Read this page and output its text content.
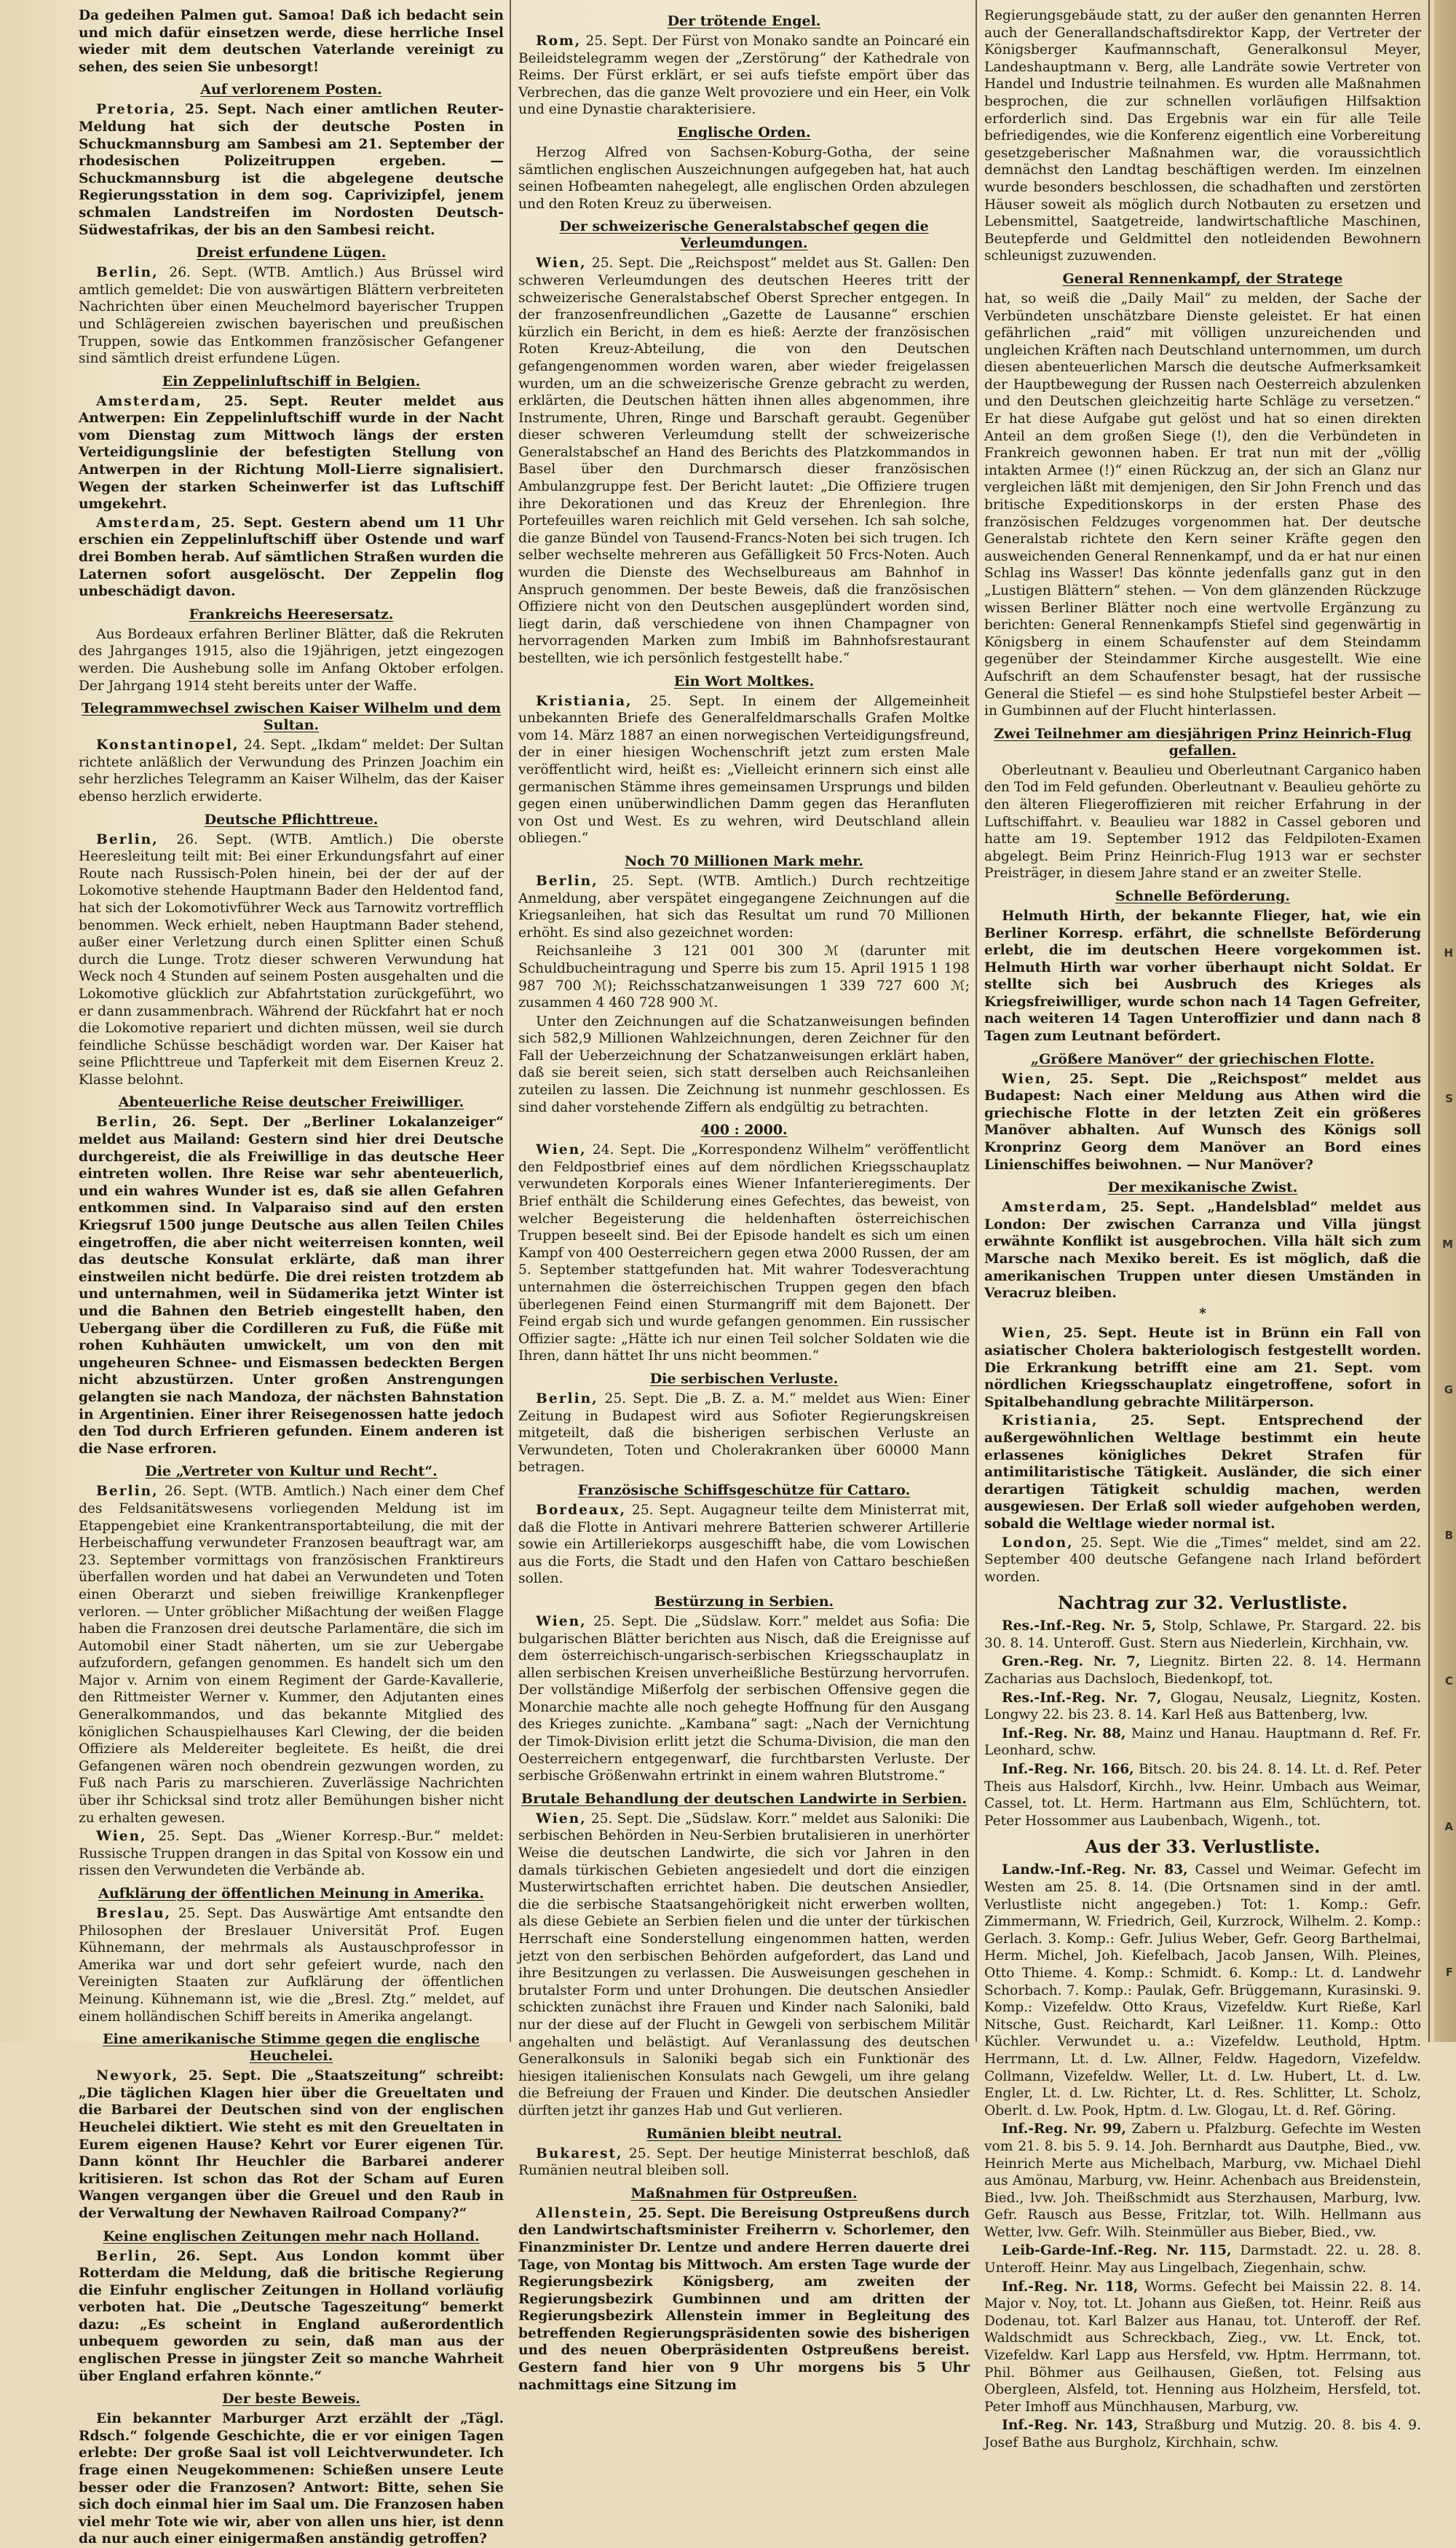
Da gedeihen Palmen gut. Samoa! Daß ich bedacht sein und mich dafür einsetzen werde, diese herrliche Insel wieder mit dem deutschen Vaterlande vereinigt zu sehen, des seien Sie unbesorgt!

Auf verlorenem Posten.

Pretoria, 25. Sept. Nach einer amtlichen Reuter-Meldung hat sich der deutsche Posten in Schuckmannsburg am Sambesi am 21. September der rhodesischen Polizeitruppen ergeben. — Schuckmannsburg ist die abgelegene deutsche Regierungsstation in dem sog. Caprivizipfel, jenem schmalen Landstreifen im Nordosten Deutsch-Südwestafrikas, der bis an den Sambesi reicht.

Dreist erfundene Lügen.

Berlin, 26. Sept. (WTB. Amtlich.) Aus Brüssel wird amtlich gemeldet: Die von auswärtigen Blättern verbreiteten Nachrichten über einen Meuchelmord bayerischer Truppen und Schlägereien zwischen bayerischen und preußischen Truppen, sowie das Entkommen französischer Gefangener sind sämtlich dreist erfundene Lügen.

Ein Zeppelinluftschiff in Belgien.

Amsterdam, 25. Sept. Reuter meldet aus Antwerpen: Ein Zeppelinluftschiff wurde in der Nacht vom Dienstag zum Mittwoch längs der ersten Verteidigungslinie der befestigten Stellung von Antwerpen in der Richtung Moll-Lierre signalisiert. Wegen der starken Scheinwerfer ist das Luftschiff umgekehrt.

Amsterdam, 25. Sept. Gestern abend um 11 Uhr erschien ein Zeppelinluftschiff über Ostende und warf drei Bomben herab. Auf sämtlichen Straßen wurden die Laternen sofort ausgelöscht. Der Zeppelin flog unbeschädigt davon.

Frankreichs Heeresersatz.

Aus Bordeaux erfahren Berliner Blätter, daß die Rekruten des Jahrganges 1915, also die 19jährigen, jetzt eingezogen werden. Die Aushebung solle im Anfang Oktober erfolgen. Der Jahrgang 1914 steht bereits unter der Waffe.

Telegrammwechsel zwischen Kaiser Wilhelm und dem Sultan.

Konstantinopel, 24. Sept. „Ikdam“ meldet: Der Sultan richtete anläßlich der Verwundung des Prinzen Joachim ein sehr herzliches Telegramm an Kaiser Wilhelm, das der Kaiser ebenso herzlich erwiderte.

Deutsche Pflichttreue.

Berlin, 26. Sept. (WTB. Amtlich.) Die oberste Heeresleitung teilt mit: Bei einer Erkundungsfahrt auf einer Route nach Russisch-Polen hinein, bei der der auf der Lokomotive stehende Hauptmann Bader den Heldentod fand, hat sich der Lokomotivführer Weck aus Tarnowitz vortrefflich benommen. Weck erhielt, neben Hauptmann Bader stehend, außer einer Verletzung durch einen Splitter einen Schuß durch die Lunge. Trotz dieser schweren Verwundung hat Weck noch 4 Stunden auf seinem Posten ausgehalten und die Lokomotive glücklich zur Abfahrtstation zurückgeführt, wo er dann zusammenbrach. Während der Rückfahrt hat er noch die Lokomotive repariert und dichten müssen, weil sie durch feindliche Schüsse beschädigt worden war. Der Kaiser hat seine Pflichttreue und Tapferkeit mit dem Eisernen Kreuz 2. Klasse belohnt.

Abenteuerliche Reise deutscher Freiwilliger.

Berlin, 26. Sept. Der „Berliner Lokalanzeiger“ meldet aus Mailand: Gestern sind hier drei Deutsche durchgereist, die als Freiwillige in das deutsche Heer eintreten wollen. Ihre Reise war sehr abenteuerlich, und ein wahres Wunder ist es, daß sie allen Gefahren entkommen sind. In Valparaiso sind auf den ersten Kriegsruf 1500 junge Deutsche aus allen Teilen Chiles eingetroffen, die aber nicht weiterreisen konnten, weil das deutsche Konsulat erklärte, daß man ihrer einstweilen nicht bedürfe. Die drei reisten trotzdem ab und unternahmen, weil in Südamerika jetzt Winter ist und die Bahnen den Betrieb eingestellt haben, den Uebergang über die Cordilleren zu Fuß, die Füße mit rohen Kuhhäuten umwickelt, um von den mit ungeheuren Schnee- und Eismassen bedeckten Bergen nicht abzustürzen. Unter großen Anstrengungen gelangten sie nach Mandoza, der nächsten Bahnstation in Argentinien. Einer ihrer Reisegenossen hatte jedoch den Tod durch Erfrieren gefunden. Einem anderen ist die Nase erfroren.

Die „Vertreter von Kultur und Recht“.

Berlin, 26. Sept. (WTB. Amtlich.) Nach einer dem Chef des Feldsanitätswesens vorliegenden Meldung ist im Etappengebiet eine Krankentransportabteilung, die mit der Herbeischaffung verwundeter Franzosen beauftragt war, am 23. September vormittags von französischen Franktireurs überfallen worden und hat dabei an Verwundeten und Toten einen Oberarzt und sieben freiwillige Krankenpfleger verloren. — Unter gröblicher Mißachtung der weißen Flagge haben die Franzosen drei deutsche Parlamentäre, die sich im Automobil einer Stadt näherten, um sie zur Uebergabe aufzufordern, gefangen genommen. Es handelt sich um den Major v. Arnim von einem Regiment der Garde-Kavallerie, den Rittmeister Werner v. Kummer, den Adjutanten eines Generalkommandos, und das bekannte Mitglied des königlichen Schauspielhauses Karl Clewing, der die beiden Offiziere als Meldereiter begleitete. Es heißt, die drei Gefangenen wären noch obendrein gezwungen worden, zu Fuß nach Paris zu marschieren. Zuverlässige Nachrichten über ihr Schicksal sind trotz aller Bemühungen bisher nicht zu erhalten gewesen.

Wien, 25. Sept. Das „Wiener Korresp.-Bur.“ meldet: Russische Truppen drangen in das Spital von Kossow ein und rissen den Verwundeten die Verbände ab.

Aufklärung der öffentlichen Meinung in Amerika.

Breslau, 25. Sept. Das Auswärtige Amt entsandte den Philosophen der Breslauer Universität Prof. Eugen Kühnemann, der mehrmals als Austauschprofessor in Amerika war und dort sehr gefeiert wurde, nach den Vereinigten Staaten zur Aufklärung der öffentlichen Meinung. Kühnemann ist, wie die „Bresl. Ztg.“ meldet, auf einem holländischen Schiff bereits in Amerika angelangt.

Eine amerikanische Stimme gegen die englische Heuchelei.

Newyork, 25. Sept. Die „Staatszeitung“ schreibt: „Die täglichen Klagen hier über die Greueltaten und die Barbarei der Deutschen sind von der englischen Heuchelei diktiert. Wie steht es mit den Greueltaten in Eurem eigenen Hause? Kehrt vor Eurer eigenen Tür. Dann könnt Ihr Heuchler die Barbarei anderer kritisieren. Ist schon das Rot der Scham auf Euren Wangen vergangen über die Greuel und den Raub in der Verwaltung der Newhaven Railroad Company?“

Keine englischen Zeitungen mehr nach Holland.

Berlin, 26. Sept. Aus London kommt über Rotterdam die Meldung, daß die britische Regierung die Einfuhr englischer Zeitungen in Holland vorläufig verboten hat. Die „Deutsche Tageszeitung“ bemerkt dazu: „Es scheint in England außerordentlich unbequem geworden zu sein, daß man aus der englischen Presse in jüngster Zeit so manche Wahrheit über England erfahren könnte.“

Der beste Beweis.

Ein bekannter Marburger Arzt erzählt der „Tägl. Rdsch.“ folgende Geschichte, die er vor einigen Tagen erlebte: Der große Saal ist voll Leichtverwundeter. Ich frage einen Neugekommenen: Schießen unsere Leute besser oder die Franzosen? Antwort: Bitte, sehen Sie sich doch einmal hier im Saal um. Die Franzosen haben viel mehr Tote wie wir, aber von allen uns hier, ist denn da nur auch einer einigermaßen anständig getroffen?

Der trötende Engel.

Rom, 25. Sept. Der Fürst von Monako sandte an Poincaré ein Beileidstelegramm wegen der „Zerstörung“ der Kathedrale von Reims. Der Fürst erklärt, er sei aufs tiefste empört über das Verbrechen, das die ganze Welt provoziere und ein Heer, ein Volk und eine Dynastie charakterisiere.

Englische Orden.

Herzog Alfred von Sachsen-Koburg-Gotha, der seine sämtlichen englischen Auszeichnungen aufgegeben hat, hat auch seinen Hofbeamten nahegelegt, alle englischen Orden abzulegen und den Roten Kreuz zu überweisen.

Der schweizerische Generalstabschef gegen die Verleumdungen.

Wien, 25. Sept. Die „Reichspost“ meldet aus St. Gallen: Den schweren Verleumdungen des deutschen Heeres tritt der schweizerische Generalstabschef Oberst Sprecher entgegen. In der franzosenfreundlichen „Gazette de Lausanne“ erschien kürzlich ein Bericht, in dem es hieß: Aerzte der französischen Roten Kreuz-Abteilung, die von den Deutschen gefangengenommen worden waren, aber wieder freigelassen wurden, um an die schweizerische Grenze gebracht zu werden, erklärten, die Deutschen hätten ihnen alles abgenommen, ihre Instrumente, Uhren, Ringe und Barschaft geraubt. Gegenüber dieser schweren Verleumdung stellt der schweizerische Generalstabschef an Hand des Berichts des Platzkommandos in Basel über den Durchmarsch dieser französischen Ambulanzgruppe fest. Der Bericht lautet: „Die Offiziere trugen ihre Dekorationen und das Kreuz der Ehrenlegion. Ihre Portefeuilles waren reichlich mit Geld versehen. Ich sah solche, die ganze Bündel von Tausend-Francs-Noten bei sich trugen. Ich selber wechselte mehreren aus Gefälligkeit 50 Frcs-Noten. Auch wurden die Dienste des Wechselbureaus am Bahnhof in Anspruch genommen. Der beste Beweis, daß die französischen Offiziere nicht von den Deutschen ausgeplündert worden sind, liegt darin, daß verschiedene von ihnen Champagner von hervorragenden Marken zum Imbiß im Bahnhofsrestaurant bestellten, wie ich persönlich festgestellt habe.“

Ein Wort Moltkes.

Kristiania, 25. Sept. In einem der Allgemeinheit unbekannten Briefe des Generalfeldmarschalls Grafen Moltke vom 14. März 1887 an einen norwegischen Verteidigungsfreund, der in einer hiesigen Wochenschrift jetzt zum ersten Male veröffentlicht wird, heißt es: „Vielleicht erinnern sich einst alle germanischen Stämme ihres gemeinsamen Ursprungs und bilden gegen einen unüberwindlichen Damm gegen das Heranfluten von Ost und West. Es zu wehren, wird Deutschland allein obliegen.“

Noch 70 Millionen Mark mehr.

Berlin, 25. Sept. (WTB. Amtlich.) Durch rechtzeitige Anmeldung, aber verspätet eingegangene Zeichnungen auf die Kriegsanleihen, hat sich das Resultat um rund 70 Millionen erhöht. Es sind also gezeichnet worden:

Reichsanleihe 3 121 001 300 ℳ (darunter mit Schuldbucheintragung und Sperre bis zum 15. April 1915 1 198 987 700 ℳ); Reichsschatzanweisungen 1 339 727 600 ℳ; zusammen 4 460 728 900 ℳ.

Unter den Zeichnungen auf die Schatzanweisungen befinden sich 582,9 Millionen Wahlzeichnungen, deren Zeichner für den Fall der Ueberzeichnung der Schatzanweisungen erklärt haben, daß sie bereit seien, sich statt derselben auch Reichsanleihen zuteilen zu lassen. Die Zeichnung ist nunmehr geschlossen. Es sind daher vorstehende Ziffern als endgültig zu betrachten.

400 : 2000.

Wien, 24. Sept. Die „Korrespondenz Wilhelm“ veröffentlicht den Feldpostbrief eines auf dem nördlichen Kriegsschauplatz verwundeten Korporals eines Wiener Infanterieregiments. Der Brief enthält die Schilderung eines Gefechtes, das beweist, von welcher Begeisterung die heldenhaften österreichischen Truppen beseelt sind. Bei der Episode handelt es sich um einen Kampf von 400 Oesterreichern gegen etwa 2000 Russen, der am 5. September stattgefunden hat. Mit wahrer Todesverachtung unternahmen die österreichischen Truppen gegen den bfach überlegenen Feind einen Sturmangriff mit dem Bajonett. Der Feind ergab sich und wurde gefangen genommen. Ein russischer Offizier sagte: „Hätte ich nur einen Teil solcher Soldaten wie die Ihren, dann hättet Ihr uns nicht beommen.“

Die serbischen Verluste.

Berlin, 25. Sept. Die „B. Z. a. M.“ meldet aus Wien: Einer Zeitung in Budapest wird aus Sofioter Regierungskreisen mitgeteilt, daß die bisherigen serbischen Verluste an Verwundeten, Toten und Cholerakranken über 60000 Mann betragen.

Französische Schiffsgeschütze für Cattaro.

Bordeaux, 25. Sept. Augagneur teilte dem Ministerrat mit, daß die Flotte in Antivari mehrere Batterien schwerer Artillerie sowie ein Artilleriekorps ausgeschifft habe, die vom Lowischen aus die Forts, die Stadt und den Hafen von Cattaro beschießen sollen.

Bestürzung in Serbien.

Wien, 25. Sept. Die „Südslaw. Korr.“ meldet aus Sofia: Die bulgarischen Blätter berichten aus Nisch, daß die Ereignisse auf dem österreichisch-ungarisch-serbischen Kriegsschauplatz in allen serbischen Kreisen unverheißliche Bestürzung hervorrufen. Der vollständige Mißerfolg der serbischen Offensive gegen die Monarchie machte alle noch gehegte Hoffnung für den Ausgang des Krieges zunichte. „Kambana“ sagt: „Nach der Vernichtung der Timok-Division erlitt jetzt die Schuma-Division, die man den Oesterreichern entgegenwarf, die furchtbarsten Verluste. Der serbische Größenwahn ertrinkt in einem wahren Blutstrome.“

Brutale Behandlung der deutschen Landwirte in Serbien.

Wien, 25. Sept. Die „Südslaw. Korr.“ meldet aus Saloniki: Die serbischen Behörden in Neu-Serbien brutalisieren in unerhörter Weise die deutschen Landwirte, die sich vor Jahren in den damals türkischen Gebieten angesiedelt und dort die einzigen Musterwirtschaften errichtet haben. Die deutschen Ansiedler, die die serbische Staatsangehörigkeit nicht erwerben wollten, als diese Gebiete an Serbien fielen und die unter der türkischen Herrschaft eine Sonderstellung eingenommen hatten, werden jetzt von den serbischen Behörden aufgefordert, das Land und ihre Besitzungen zu verlassen. Die Ausweisungen geschehen in brutalster Form und unter Drohungen. Die deutschen Ansiedler schickten zunächst ihre Frauen und Kinder nach Saloniki, bald nur der diese auf der Flucht in Gewgeli von serbischem Militär angehalten und belästigt. Auf Veranlassung des deutschen Generalkonsuls in Saloniki begab sich ein Funktionär des hiesigen italienischen Konsulats nach Gewgeli, um ihre gelang die Befreiung der Frauen und Kinder. Die deutschen Ansiedler dürften jetzt ihr ganzes Hab und Gut verlieren.

Rumänien bleibt neutral.

Bukarest, 25. Sept. Der heutige Ministerrat beschloß, daß Rumänien neutral bleiben soll.

Maßnahmen für Ostpreußen.

Allenstein, 25. Sept. Die Bereisung Ostpreußens durch den Landwirtschaftsminister Freiherrn v. Schorlemer, den Finanzminister Dr. Lentze und andere Herren dauerte drei Tage, von Montag bis Mittwoch. Am ersten Tage wurde der Regierungsbezirk Königsberg, am zweiten der Regierungsbezirk Gumbinnen und am dritten der Regierungsbezirk Allenstein immer in Begleitung des betreffenden Regierungspräsidenten sowie des bisherigen und des neuen Oberpräsidenten Ostpreußens bereist. Gestern fand hier von 9 Uhr morgens bis 5 Uhr nachmittags eine Sitzung im

Regierungsgebäude statt, zu der außer den genannten Herren auch der Generallandschaftsdirektor Kapp, der Vertreter der Königsberger Kaufmannschaft, Generalkonsul Meyer, Landeshauptmann v. Berg, alle Landräte sowie Vertreter von Handel und Industrie teilnahmen. Es wurden alle Maßnahmen besprochen, die zur schnellen vorläufigen Hilfsaktion erforderlich sind. Das Ergebnis war ein für alle Teile befriedigendes, wie die Konferenz eigentlich eine Vorbereitung gesetzgeberischer Maßnahmen war, die voraussichtlich demnächst den Landtag beschäftigen werden. Im einzelnen wurde besonders beschlossen, die schadhaften und zerstörten Häuser soweit als möglich durch Notbauten zu ersetzen und Lebensmittel, Saatgetreide, landwirtschaftliche Maschinen, Beutepferde und Geldmittel den notleidenden Bewohnern schleunigst zuzuwenden.

General Rennenkampf, der Stratege

hat, so weiß die „Daily Mail“ zu melden, der Sache der Verbündeten unschätzbare Dienste geleistet. Er hat einen gefährlichen „raid“ mit völligen unzureichenden und ungleichen Kräften nach Deutschland unternommen, um durch diesen abenteuerlichen Marsch die deutsche Aufmerksamkeit der Hauptbewegung der Russen nach Oesterreich abzulenken und den Deutschen gleichzeitig harte Schläge zu versetzen.“ Er hat diese Aufgabe gut gelöst und hat so einen direkten Anteil an dem großen Siege (!), den die Verbündeten in Frankreich gewonnen haben. Er trat nun mit der „völlig intakten Armee (!)“ einen Rückzug an, der sich an Glanz nur vergleichen läßt mit demjenigen, den Sir John French und das britische Expeditionskorps in der ersten Phase des französischen Feldzuges vorgenommen hat. Der deutsche Generalstab richtete den Kern seiner Kräfte gegen den ausweichenden General Rennenkampf, und da er hat nur einen Schlag ins Wasser! Das könnte jedenfalls ganz gut in den „Lustigen Blättern“ stehen. — Von dem glänzenden Rückzuge wissen Berliner Blätter noch eine wertvolle Ergänzung zu berichten: General Rennenkampfs Stiefel sind gegenwärtig in Königsberg in einem Schaufenster auf dem Steindamm gegenüber der Steindammer Kirche ausgestellt. Wie eine Aufschrift an dem Schaufenster besagt, hat der russische General die Stiefel — es sind hohe Stulpstiefel bester Arbeit — in Gumbinnen auf der Flucht hinterlassen.

Zwei Teilnehmer am diesjährigen Prinz Heinrich-Flug gefallen.

Oberleutnant v. Beaulieu und Oberleutnant Carganico haben den Tod im Feld gefunden. Oberleutnant v. Beaulieu gehörte zu den älteren Fliegeroffizieren mit reicher Erfahrung in der Luftschiffahrt. v. Beaulieu war 1882 in Cassel geboren und hatte am 19. September 1912 das Feldpiloten-Examen abgelegt. Beim Prinz Heinrich-Flug 1913 war er sechster Preisträger, in diesem Jahre stand er an zweiter Stelle.

Schnelle Beförderung.

Helmuth Hirth, der bekannte Flieger, hat, wie ein Berliner Korresp. erfährt, die schnellste Beförderung erlebt, die im deutschen Heere vorgekommen ist. Helmuth Hirth war vorher überhaupt nicht Soldat. Er stellte sich bei Ausbruch des Krieges als Kriegsfreiwilliger, wurde schon nach 14 Tagen Gefreiter, nach weiteren 14 Tagen Unteroffizier und dann nach 8 Tagen zum Leutnant befördert.

„Größere Manöver“ der griechischen Flotte.

Wien, 25. Sept. Die „Reichspost“ meldet aus Budapest: Nach einer Meldung aus Athen wird die griechische Flotte in der letzten Zeit ein größeres Manöver abhalten. Auf Wunsch des Königs soll Kronprinz Georg dem Manöver an Bord eines Linienschiffes beiwohnen. — Nur Manöver?

Der mexikanische Zwist.

Amsterdam, 25. Sept. „Handelsblad“ meldet aus London: Der zwischen Carranza und Villa jüngst erwähnte Konflikt ist ausgebrochen. Villa hält sich zum Marsche nach Mexiko bereit. Es ist möglich, daß die amerikanischen Truppen unter diesen Umständen in Veracruz bleiben.

*

Wien, 25. Sept. Heute ist in Brünn ein Fall von asiatischer Cholera bakteriologisch festgestellt worden. Die Erkrankung betrifft eine am 21. Sept. vom nördlichen Kriegsschauplatz eingetroffene, sofort in Spitalbehandlung gebrachte Militärperson.

Kristiania, 25. Sept. Entsprechend der außergewöhnlichen Weltlage bestimmt ein heute erlassenes königliches Dekret Strafen für antimilitaristische Tätigkeit. Ausländer, die sich einer derartigen Tätigkeit schuldig machen, werden ausgewiesen. Der Erlaß soll wieder aufgehoben werden, sobald die Weltlage wieder normal ist.

London, 25. Sept. Wie die „Times“ meldet, sind am 22. September 400 deutsche Gefangene nach Irland befördert worden.

Nachtrag zur 32. Verlustliste.

Res.-Inf.-Reg. Nr. 5, Stolp, Schlawe, Pr. Stargard. 22. bis 30. 8. 14. Unteroff. Gust. Stern aus Niederlein, Kirchhain, vw.

Gren.-Reg. Nr. 7, Liegnitz. Birten 22. 8. 14. Hermann Zacharias aus Dachsloch, Biedenkopf, tot.

Res.-Inf.-Reg. Nr. 7, Glogau, Neusalz, Liegnitz, Kosten. Longwy 22. bis 23. 8. 14. Karl Heß aus Battenberg, lvw.

Inf.-Reg. Nr. 88, Mainz und Hanau. Hauptmann d. Ref. Fr. Leonhard, schw.

Inf.-Reg. Nr. 166, Bitsch. 20. bis 24. 8. 14. Lt. d. Ref. Peter Theis aus Halsdorf, Kirchh., lvw. Heinr. Umbach aus Weimar, Cassel, tot. Lt. Herm. Hartmann aus Elm, Schlüchtern, tot. Peter Hossommer aus Laubenbach, Wigenh., tot.

Aus der 33. Verlustliste.

Landw.-Inf.-Reg. Nr. 83, Cassel und Weimar. Gefecht im Westen am 25. 8. 14. (Die Ortsnamen sind in der amtl. Verlustliste nicht angegeben.) Tot: 1. Komp.: Gefr. Zimmermann, W. Friedrich, Geil, Kurzrock, Wilhelm. 2. Komp.: Gerlach. 3. Komp.: Gefr. Julius Weber, Gefr. Georg Barthelmai, Herm. Michel, Joh. Kiefelbach, Jacob Jansen, Wilh. Pleines, Otto Thieme. 4. Komp.: Schmidt. 6. Komp.: Lt. d. Landwehr Schorbach. 7. Komp.: Paulak, Gefr. Brüggemann, Kurasinski. 9. Komp.: Vizefeldw. Otto Kraus, Vizefeldw. Kurt Rieße, Karl Nitsche, Gust. Reichardt, Karl Leißner. 11. Komp.: Otto Küchler. Verwundet u. a.: Vizefeldw. Leuthold, Hptm. Herrmann, Lt. d. Lw. Allner, Feldw. Hagedorn, Vizefeldw. Collmann, Vizefeldw. Weller, Lt. d. Lw. Hubert, Lt. d. Lw. Engler, Lt. d. Lw. Richter, Lt. d. Res. Schlitter, Lt. Scholz, Oberlt. d. Lw. Pook, Hptm. d. Lw. Glogau, Lt. d. Ref. Göring.

Inf.-Reg. Nr. 99, Zabern u. Pfalzburg. Gefechte im Westen vom 21. 8. bis 5. 9. 14. Joh. Bernhardt aus Dautphe, Bied., vw. Heinrich Merte aus Michelbach, Marburg, vw. Michael Diehl aus Amönau, Marburg, vw. Heinr. Achenbach aus Breidenstein, Bied., lvw. Joh. Theißschmidt aus Sterzhausen, Marburg, lvw. Gefr. Rausch aus Besse, Fritzlar, tot. Wilh. Hellmann aus Wetter, lvw. Gefr. Wilh. Steinmüller aus Bieber, Bied., vw.

Leib-Garde-Inf.-Reg. Nr. 115, Darmstadt. 22. u. 28. 8. Unteroff. Heinr. May aus Lingelbach, Ziegenhain, schw.

Inf.-Reg. Nr. 118, Worms. Gefecht bei Maissin 22. 8. 14. Major v. Noy, tot. Lt. Johann aus Gießen, tot. Heinr. Reiß aus Dodenau, tot. Karl Balzer aus Hanau, tot. Unteroff. der Ref. Waldschmidt aus Schreckbach, Zieg., vw. Lt. Enck, tot. Vizefeldw. Karl Lapp aus Hersfeld, vw. Hptm. Herrmann, tot. Phil. Böhmer aus Geilhausen, Gießen, tot. Felsing aus Obergleen, Alsfeld, tot. Henning aus Holzheim, Hersfeld, tot. Peter Imhoff aus Münchhausen, Marburg, vw.

Inf.-Reg. Nr. 143, Straßburg und Mutzig. 20. 8. bis 4. 9. Josef Bathe aus Burgholz, Kirchhain, schw.

H
S
M
G
B
C
A
F
